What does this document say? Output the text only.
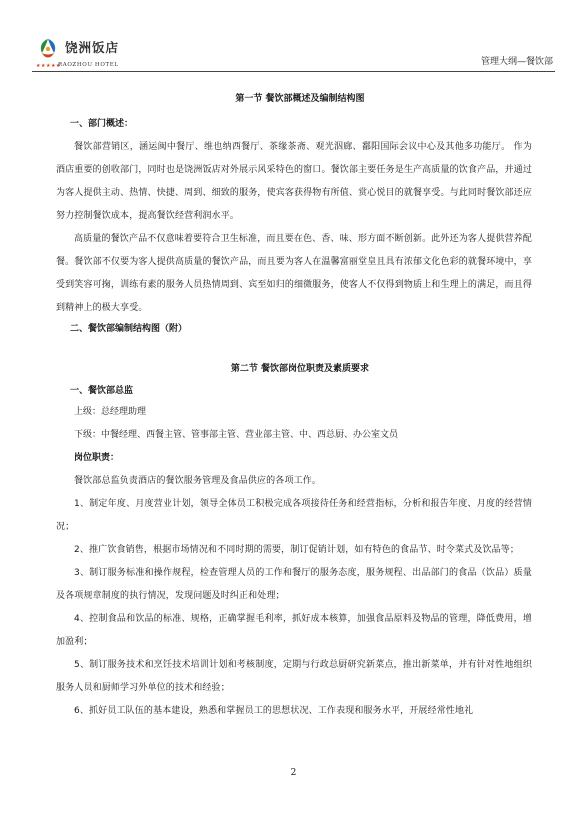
饶洲饭店
★★★★★
RAOZHOU HOTEL	管理大纲—餐饮部
第一节 餐饮部概述及编制结构图
一、部门概述：

餐饮部营销区，涵运闽中餐厅、维也纳西餐厅、茶缘茶斋、观光泅廊、鄱阳国际会议中心及其他多功能厅。 作为酒店重要的创收部门，同时也是饶洲饭店对外展示风采特色的窗口。餐饮部主要任务是生产高质量的饮食产品，并通过为客人提供主动、热情、快捷、周到、细致的服务，使宾客获得物有所值、赏心悦目的就餐享受。与此同时餐饮部还应努力控制餐饮成本，提高餐饮经营利润水平。

高质量的餐饮产品不仅意味着要符合卫生标准，而且要在色、香、味、形方面不断创新。此外还为客人提供营养配餐。餐饮部不仅要为客人提供高质量的餐饮产品，而且要为客人在温馨富丽堂皇且具有浓郁文化色彩的就餐环境中，享受到笑容可掬，训练有素的服务人员热情周到、宾至如归的细微服务，使客人不仅得到物质上和生理上的满足，而且得到精神上的极大享受。

二、餐饮部编制结构图（附）
第二节 餐饮部岗位职责及素质要求
一、餐饮部总监
上级：总经理助理
下级：中餐经理、西餐主管、管事部主管、营业部主管、中、西总厨、办公室文员
岗位职责：

餐饮部总监负责酒店的餐饮服务管理及食品供应的各项工作。

1、制定年度、月度营业计划，领导全体员工积极完成各项接待任务和经营指标，分析和报告年度、月度的经营情况；

2、推广饮食销售，根据市场情况和不同时期的需要，制订促销计划，如有特色的食品节、时令菜式及饮品等；

3、制订服务标准和操作规程，检查管理人员的工作和餐厅的服务态度，服务规程、出品部门的食品（饮品）质量及各项规章制度的执行情况，发现问题及时纠正和处理；

4、控制食品和饮品的标准、规格，正确掌握毛利率，抓好成本核算，加强食品原料及物品的管理，降低费用，增加盈利；

5、制订服务技术和烹饪技术培训计划和考核制度，定期与行政总厨研究新菜点，推出新菜单，并有针对性地组织服务人员和厨师学习外单位的技术和经验；

6、抓好员工队伍的基本建设，熟悉和掌握员工的思想状况、工作表现和服务水平，开展经常性地礼

2
